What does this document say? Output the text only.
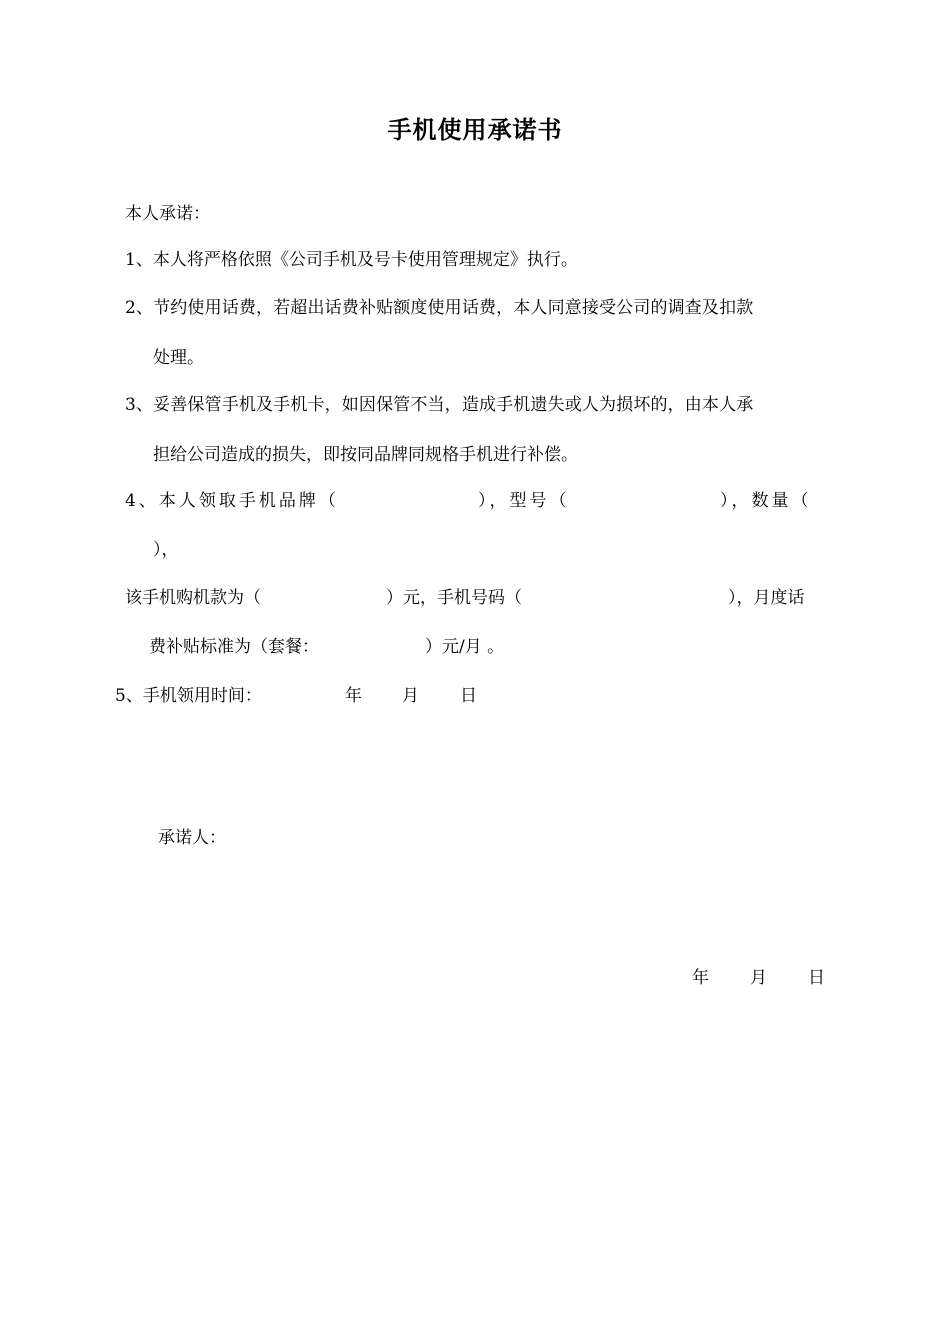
手机使用承诺书
本人承诺：
1、本人将严格依照《公司手机及号卡使用管理规定》执行。
2、节约使用话费，若超出话费补贴额度使用话费，本人同意接受公司的调查及扣款
处理。
3、妥善保管手机及手机卡，如因保管不当，造成手机遗失或人为损坏的，由本人承
担给公司造成的损失，即按同品牌同规格手机进行补偿。
4、本人领取手机品牌（	），型号（	），数量（
），
该手机购机款为（	）元，手机号码（	），月度话
费补贴标准为（套餐：	）元/月 。
5、手机领用时间：	年 月 日
承诺人：
年 月 日
